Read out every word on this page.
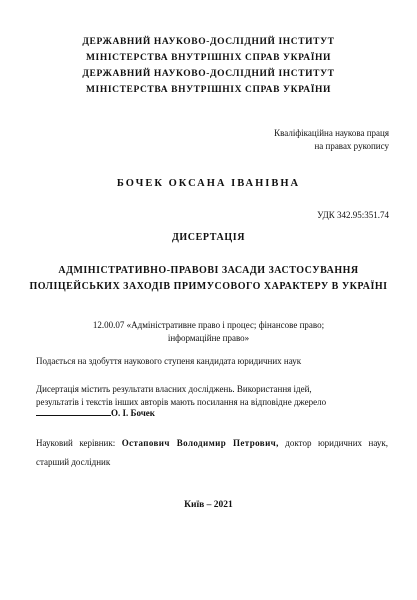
ДЕРЖАВНИЙ НАУКОВО-ДОСЛІДНИЙ ІНСТИТУТ
МІНІСТЕРСТВА ВНУТРІШНІХ СПРАВ УКРАЇНИ
ДЕРЖАВНИЙ НАУКОВО-ДОСЛІДНИЙ ІНСТИТУТ
МІНІСТЕРСТВА ВНУТРІШНІХ СПРАВ УКРАЇНИ
Кваліфікаційна наукова праця
на правах рукопису
БОЧЕК ОКСАНА ІВАНІВНА
УДК 342.95:351.74
ДИСЕРТАЦІЯ
АДМІНІСТРАТИВНО-ПРАВОВІ ЗАСАДИ ЗАСТОСУВАННЯ
ПОЛІЦЕЙСЬКИХ ЗАХОДІВ ПРИМУСОВОГО ХАРАКТЕРУ В УКРАЇНІ
12.00.07 «Адміністративне право і процес; фінансове право;
інформаційне право»
Подається на здобуття наукового ступеня кандидата юридичних наук
Дисертація містить результати власних досліджень. Використання ідей,
результатів і текстів інших авторів мають посилання на відповідне джерело
О. І. Бочек
Науковий керівник: Остапович Володимир Петрович, доктор юридичних наук,
старший дослідник
Київ – 2021
